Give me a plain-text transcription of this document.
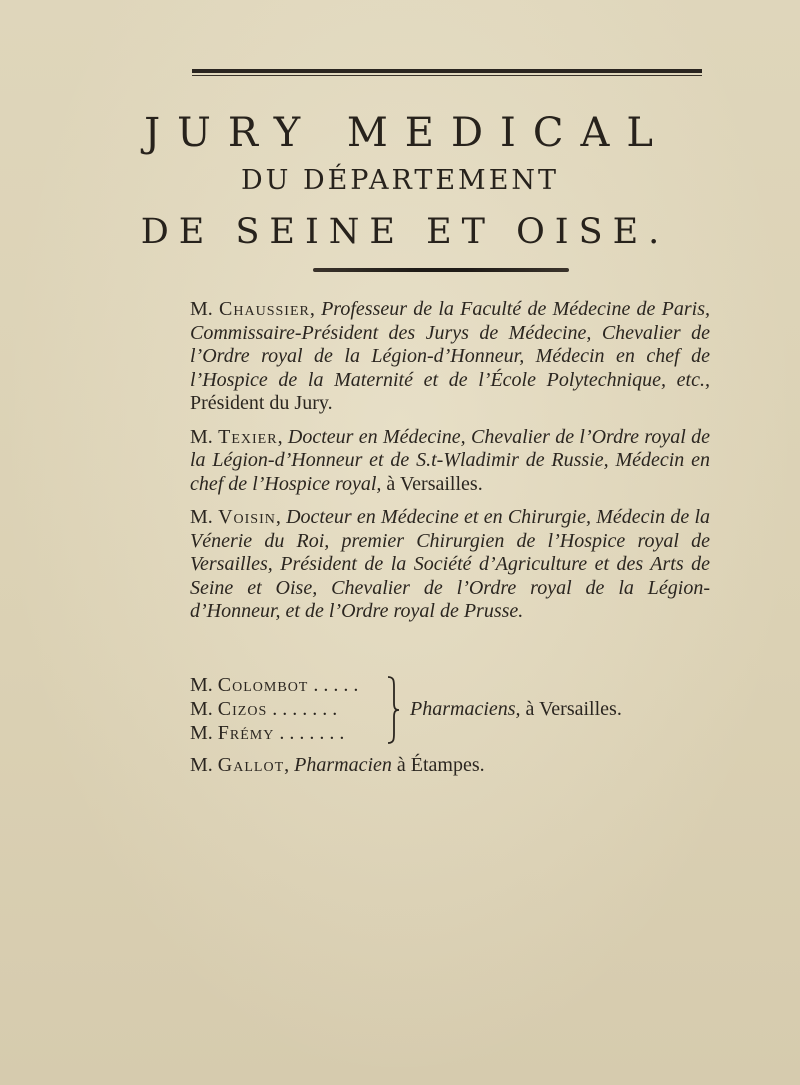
JURY MEDICAL
DU DÉPARTEMENT
DE SEINE ET OISE.

M. Chaussier, Professeur de la Faculté de Médecine de Paris, Commissaire-Président des Jurys de Médecine, Chevalier de l’Ordre royal de la Légion-d’Honneur, Médecin en chef de l’Hospice de la Maternité et de l’École Polytechnique, etc., Président du Jury.

M. Texier, Docteur en Médecine, Chevalier de l’Ordre royal de la Légion-d’Honneur et de S.t-Wladimir de Russie, Médecin en chef de l’Hospice royal, à Versailles.

M. Voisin, Docteur en Médecine et en Chirurgie, Médecin de la Vénerie du Roi, premier Chirurgien de l’Hospice royal de Versailles, Président de la Société d’Agriculture et des Arts de Seine et Oise, Chevalier de l’Ordre royal de la Légion-d’Honneur, et de l’Ordre royal de Prusse.

M. Colombot . . . . .
M. Cizos . . . . . . .
M. Frémy . . . . . . .
Pharmaciens, à Versailles.
M. Gallot, Pharmacien à Étampes.
